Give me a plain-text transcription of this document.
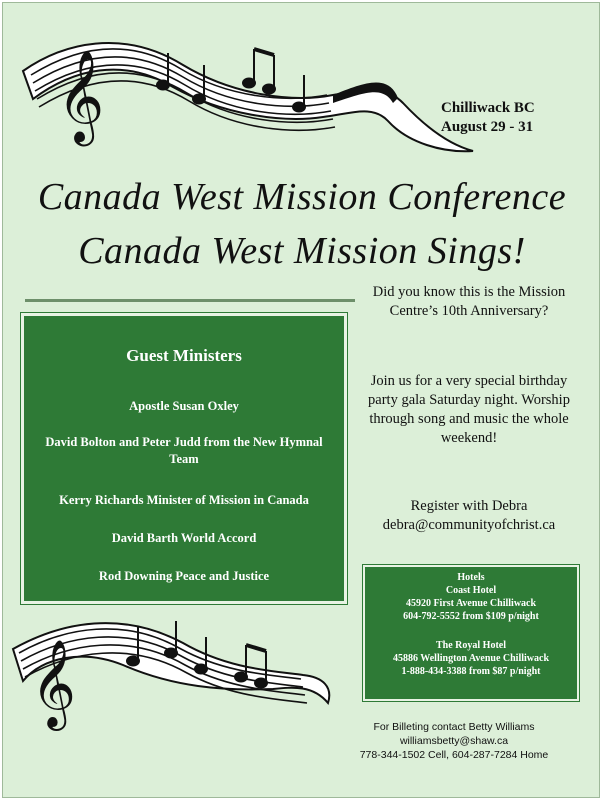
𝄞	Chilliwack BC
August 29 - 31
Canada West Mission Conference
Canada West Mission Sings!
Guest Ministers
Apostle Susan Oxley
David Bolton and Peter Judd from the New Hymnal Team
Kerry Richards Minister of Mission in Canada
David Barth World Accord
Rod Downing Peace and Justice
Did you know this is the Mission Centre’s 10th Anniversary?
Join us for a very special birthday party gala Saturday night. Worship through song and music the whole weekend!
Register with Debra
debra@communityofchrist.ca
𝄞
Hotels
Coast Hotel
45920 First Avenue Chilliwack
604-792-5552 from $109 p/night
The Royal Hotel
45886 Wellington Avenue Chilliwack
1-888-434-3388 from $87 p/night
For Billeting contact Betty Williams
williamsbetty@shaw.ca
778-344-1502 Cell, 604-287-7284 Home
